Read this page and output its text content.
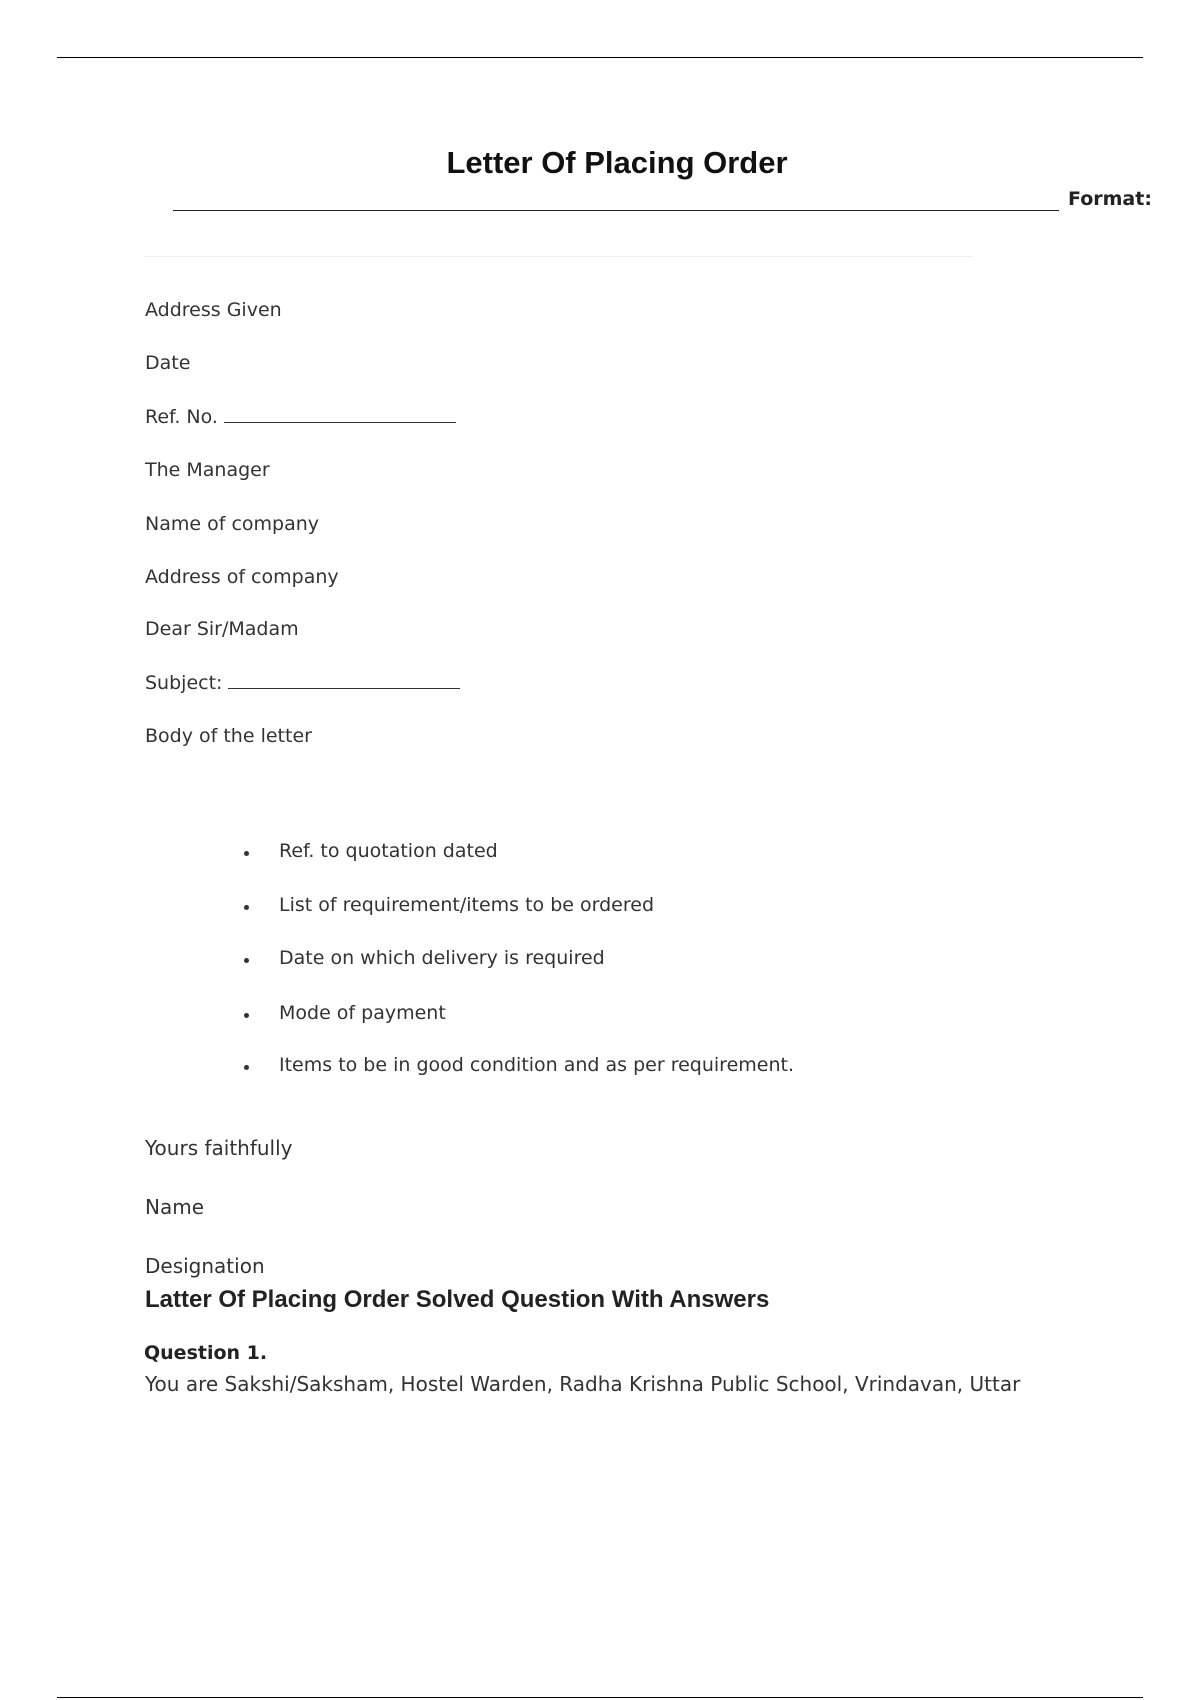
Letter Of Placing Order
Format:
Address Given
Date
Ref. No.
The Manager
Name of company
Address of company
Dear Sir/Madam
Subject:
Body of the letter
Ref. to quotation dated
List of requirement/items to be ordered
Date on which delivery is required
Mode of payment
Items to be in good condition and as per requirement.
Yours faithfully
Name
Designation
Latter Of Placing Order Solved Question With Answers
Question 1.
You are Sakshi/Saksham, Hostel Warden, Radha Krishna Public School, Vrindavan, Uttar
